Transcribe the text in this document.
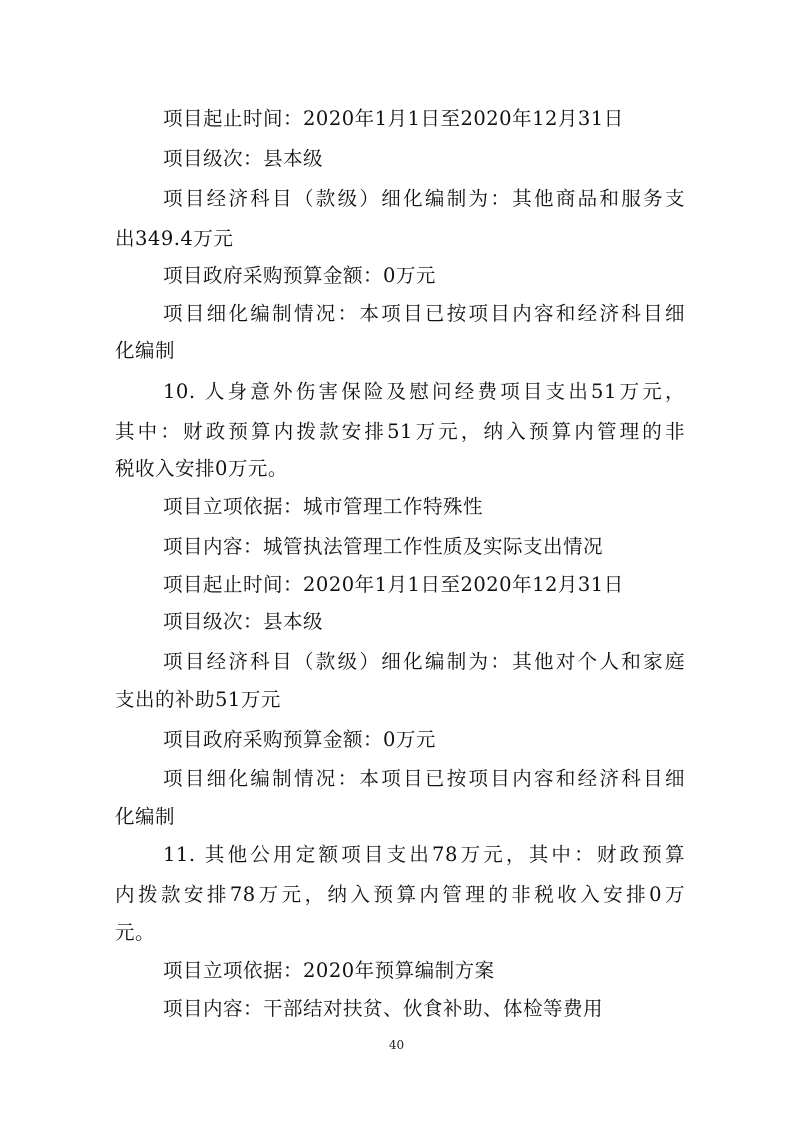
项目起止时间：2020年1月1日至2020年12月31日
项目级次：县本级
项目经济科目（款级）细化编制为：其他商品和服务支
出349.4万元
项目政府采购预算金额：0万元
项目细化编制情况：本项目已按项目内容和经济科目细
化编制
10. 人身意外伤害保险及慰问经费项目支出51万元，
其中：财政预算内拨款安排51万元，纳入预算内管理的非
税收入安排0万元。
项目立项依据：城市管理工作特殊性
项目内容：城管执法管理工作性质及实际支出情况
项目起止时间：2020年1月1日至2020年12月31日
项目级次：县本级
项目经济科目（款级）细化编制为：其他对个人和家庭
支出的补助51万元
项目政府采购预算金额：0万元
项目细化编制情况：本项目已按项目内容和经济科目细
化编制
11. 其他公用定额项目支出78万元，其中：财政预算
内拨款安排78万元，纳入预算内管理的非税收入安排0万
元。
项目立项依据：2020年预算编制方案
项目内容：干部结对扶贫、伙食补助、体检等费用
40
